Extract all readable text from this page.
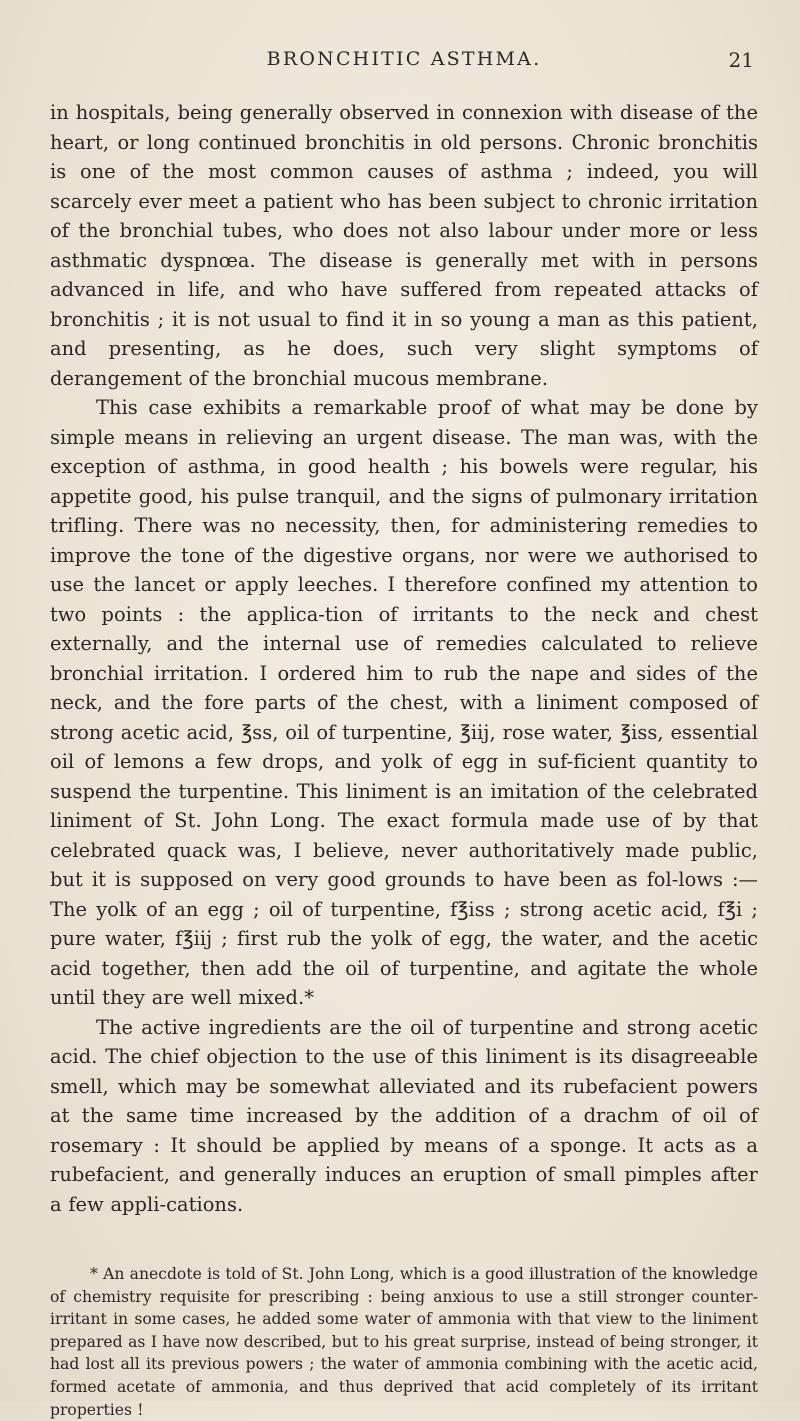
BRONCHITIC ASTHMA.	21

in hospitals, being generally observed in connexion with disease of the heart, or long continued bronchitis in old persons. Chronic bronchitis is one of the most common causes of asthma ; indeed, you will scarcely ever meet a patient who has been subject to chronic irritation of the bronchial tubes, who does not also labour under more or less asthmatic dyspnœa. The disease is generally met with in persons advanced in life, and who have suffered from repeated attacks of bronchitis ; it is not usual to find it in so young a man as this patient, and presenting, as he does, such very slight symptoms of derangement of the bronchial mucous membrane.

This case exhibits a remarkable proof of what may be done by simple means in relieving an urgent disease. The man was, with the exception of asthma, in good health ; his bowels were regular, his appetite good, his pulse tranquil, and the signs of pulmonary irritation trifling. There was no necessity, then, for administering remedies to improve the tone of the digestive organs, nor were we authorised to use the lancet or apply leeches. I therefore confined my attention to two points : the applica-tion of irritants to the neck and chest externally, and the internal use of remedies calculated to relieve bronchial irritation. I ordered him to rub the nape and sides of the neck, and the fore parts of the chest, with a liniment composed of strong acetic acid, ℥ss, oil of turpentine, ℥iij, rose water, ℥iss, essential oil of lemons a few drops, and yolk of egg in suf-ficient quantity to suspend the turpentine. This liniment is an imitation of the celebrated liniment of St. John Long. The exact formula made use of by that celebrated quack was, I believe, never authoritatively made public, but it is supposed on very good grounds to have been as fol-lows :—The yolk of an egg ; oil of turpentine, f℥iss ; strong acetic acid, f℥i ; pure water, f℥iij ; first rub the yolk of egg, the water, and the acetic acid together, then add the oil of turpentine, and agitate the whole until they are well mixed.*

The active ingredients are the oil of turpentine and strong acetic acid. The chief objection to the use of this liniment is its disagreeable smell, which may be somewhat alleviated and its rubefacient powers at the same time increased by the addition of a drachm of oil of rosemary : It should be applied by means of a sponge. It acts as a rubefacient, and generally induces an eruption of small pimples after a few appli-cations.

* An anecdote is told of St. John Long, which is a good illustration of the knowledge of chemistry requisite for prescribing : being anxious to use a still stronger counter-irritant in some cases, he added some water of ammonia with that view to the liniment prepared as I have now described, but to his great surprise, instead of being stronger, it had lost all its previous powers ; the water of ammonia combining with the acetic acid, formed acetate of ammonia, and thus deprived that acid completely of its irritant properties !
